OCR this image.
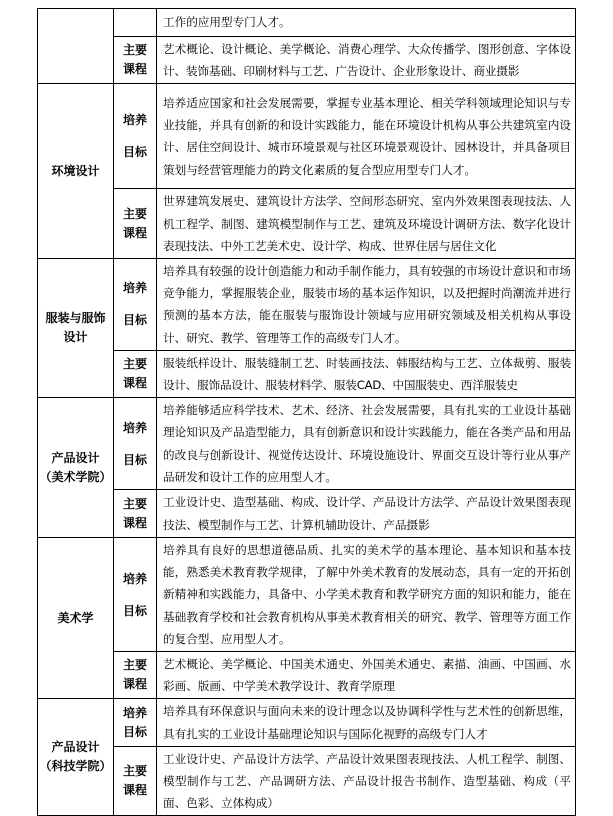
		工作的应用型专门人才。

	主要
课程	艺术概论、设计概论、美学概论、消费心理学、大众传播学、图形创意、字体设计、装饰基础、印刷材料与工艺、广告设计、企业形象设计、商业摄影

环境设计	培养
目标	培养适应国家和社会发展需要，掌握专业基本理论、相关学科领域理论知识与专业技能，并具有创新的和设计实践能力，能在环境设计机构从事公共建筑室内设计、居住空间设计、城市环境景观与社区环境景观设计、园林设计，并具备项目策划与经营管理能力的跨文化素质的复合型应用型专门人才。

	主要
课程	世界建筑发展史、建筑设计方法学、空间形态研究、室内外效果图表现技法、人机工程学、制图、建筑模型制作与工艺、建筑及环境设计调研方法、数字化设计表现技法、中外工艺美术史、设计学、构成、世界住居与居住文化

服装与服饰
设计	培养
目标	培养具有较强的设计创造能力和动手制作能力，具有较强的市场设计意识和市场竞争能力，掌握服装企业，服装市场的基本运作知识，以及把握时尚潮流并进行预测的基本方法，能在服装与服饰设计领域与应用研究领域及相关机构从事设计、研究、教学、管理等工作的高级专门人才。

	主要
课程	服装纸样设计、服装缝制工艺、时装画技法、韩服结构与工艺、立体裁剪、服装设计、服饰品设计、服装材料学、服装CAD、中国服装史、西洋服装史

产品设计
（美术学院）	培养
目标	培养能够适应科学技术、艺术、经济、社会发展需要，具有扎实的工业设计基础理论知识及产品造型能力，具有创新意识和设计实践能力，能在各类产品和用品的改良与创新设计、视觉传达设计、环境设施设计、界面交互设计等行业从事产品研发和设计工作的应用型人才。

	主要
课程	工业设计史、造型基础、构成、设计学、产品设计方法学、产品设计效果图表现技法、模型制作与工艺、计算机辅助设计、产品摄影

美术学	培养
目标	培养具有良好的思想道德品质、扎实的美术学的基本理论、基本知识和基本技能，熟悉美术教育教学规律，了解中外美术教育的发展动态，具有一定的开拓创新精神和实践能力，具备中、小学美术教育和教学研究方面的知识和能力，能在基础教育学校和社会教育机构从事美术教育相关的研究、教学、管理等方面工作的复合型、应用型人才。

	主要
课程	艺术概论、美学概论、中国美术通史、外国美术通史、素描、油画、中国画、水彩画、版画、中学美术教学设计、教育学原理

产品设计
（科技学院）	培养
目标	培养具有环保意识与面向未来的设计理念以及协调科学性与艺术性的创新思维，具有扎实的工业设计基础理论知识与国际化视野的高级专门人才

	主要
课程	工业设计史、产品设计方法学、产品设计效果图表现技法、人机工程学、制图、模型制作与工艺、产品调研方法、产品设计报告书制作、造型基础、构成（平面、色彩、立体构成）
